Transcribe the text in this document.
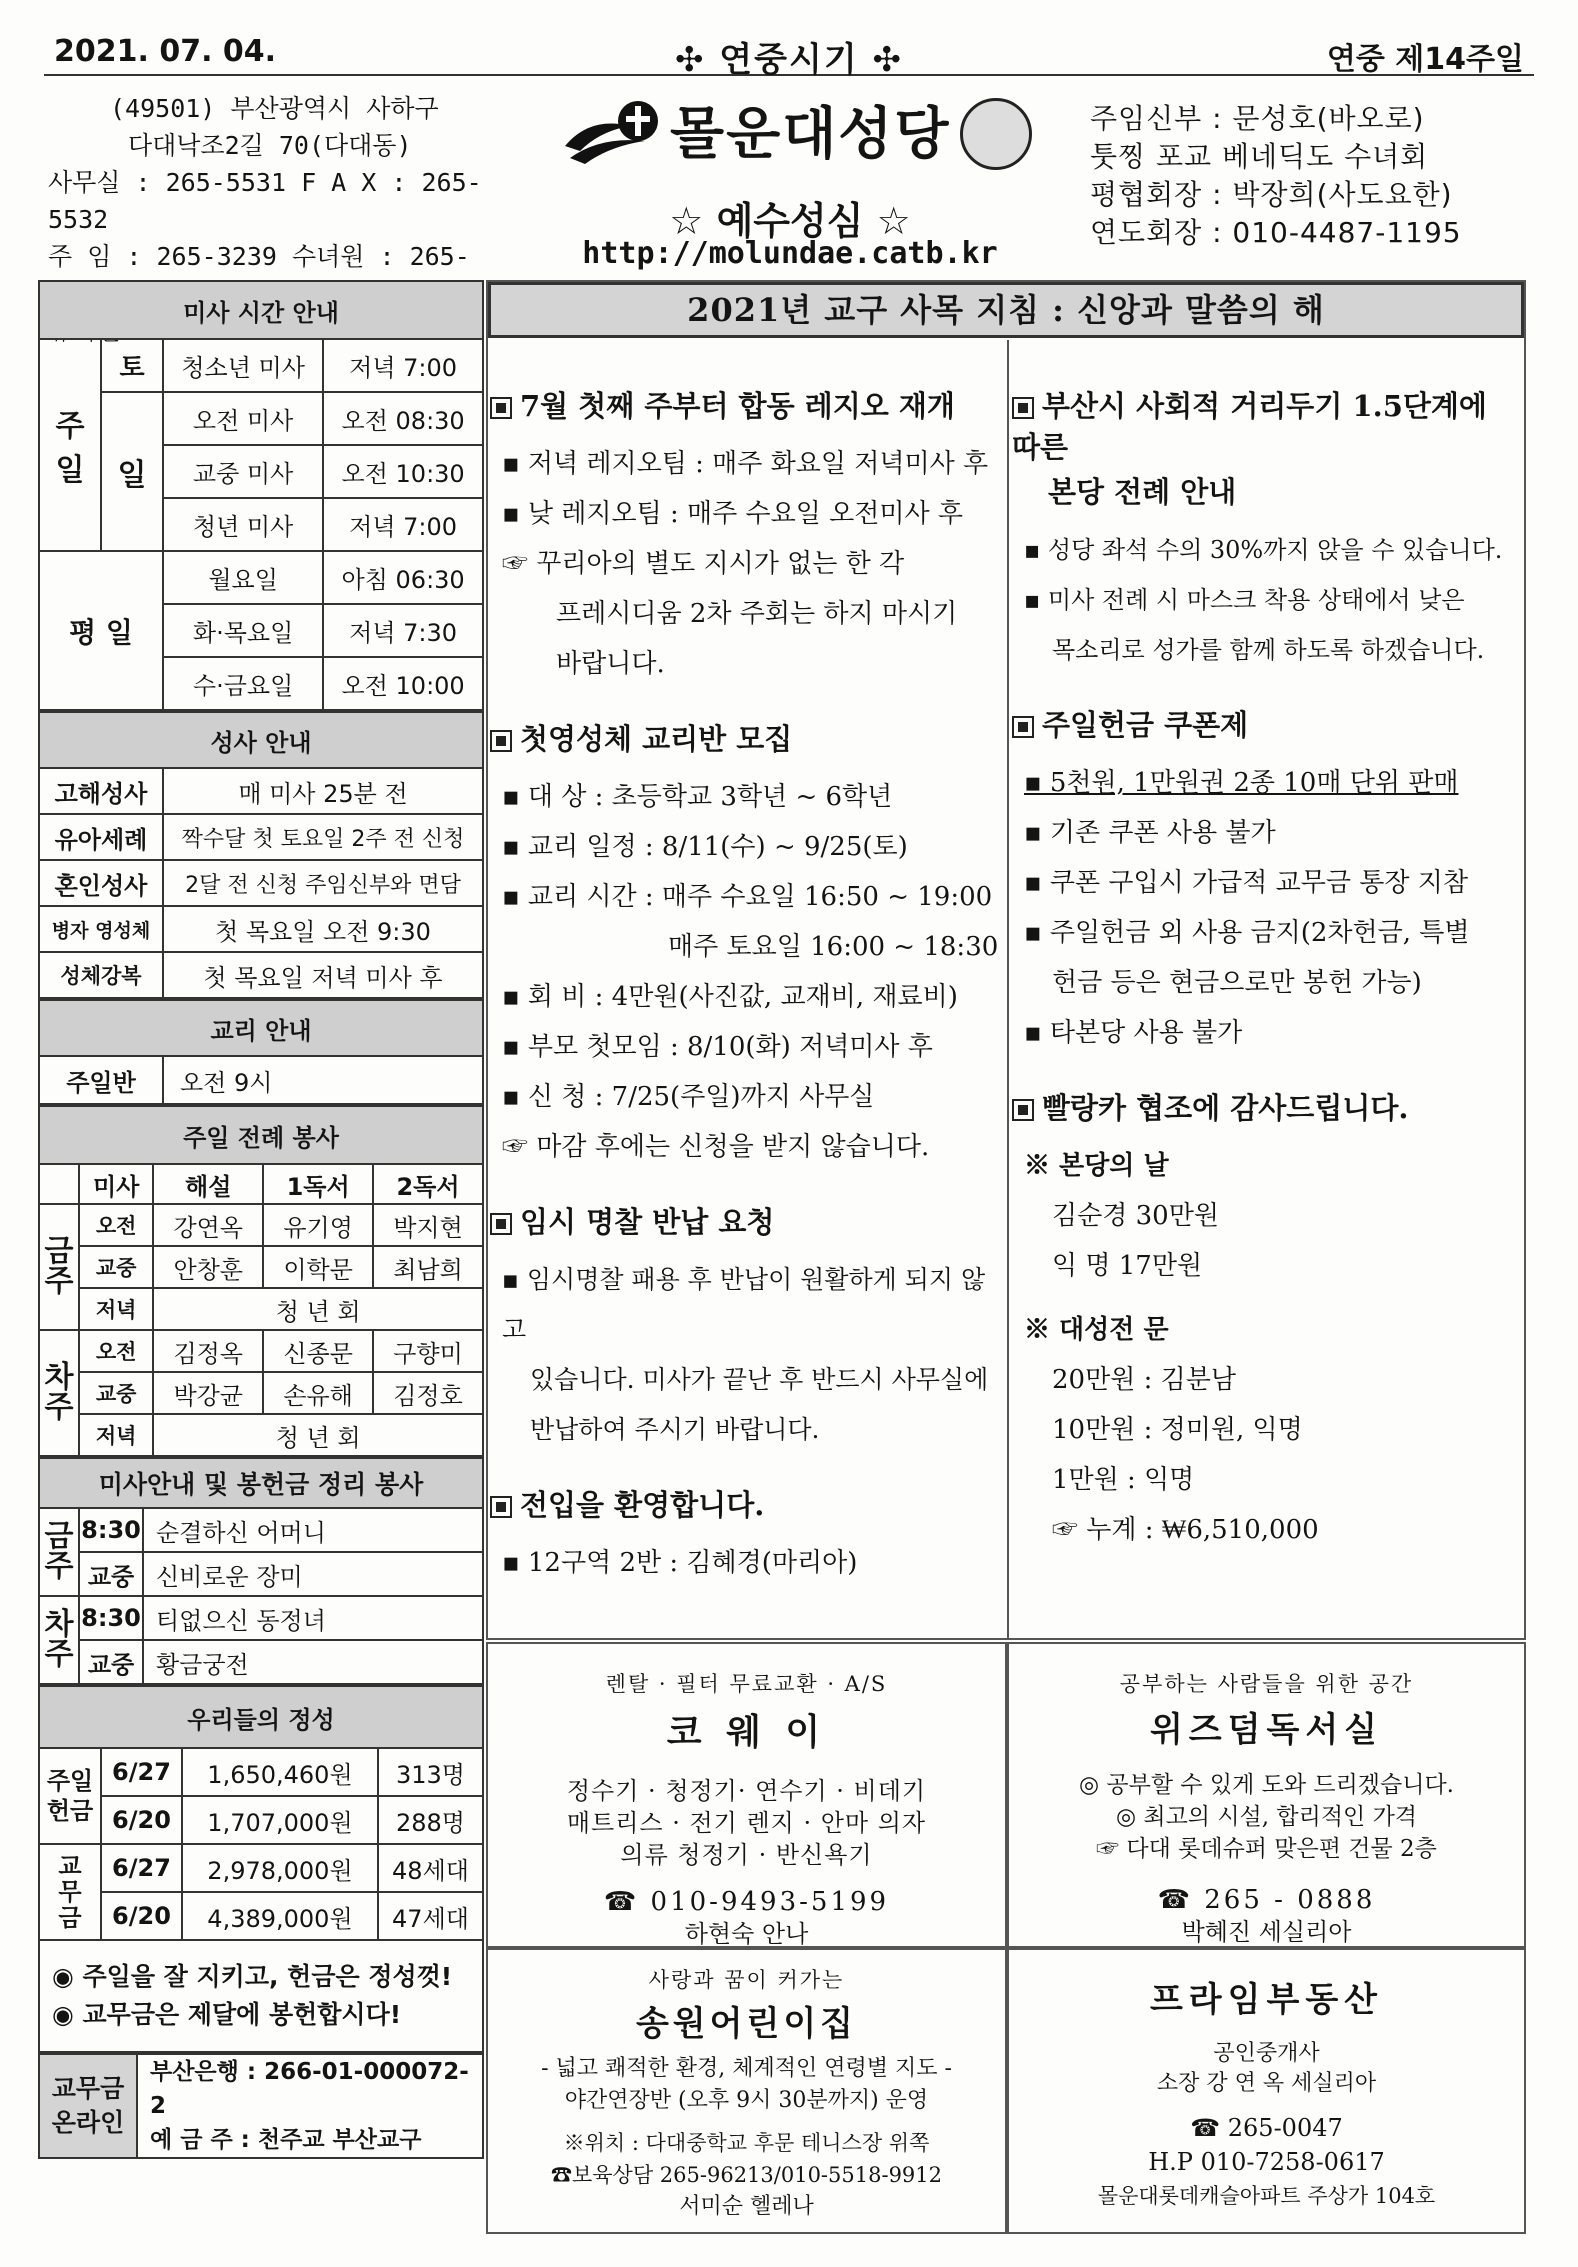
2021. 07. 04.	✣ 연중시기 ✣	연중 제14주일
(49501) 부산광역시 사하구
다대낙조2길 70(다대동)
사무실 : 265-5531 F A X : 265-5532
주 임 : 265-3239 수녀원 : 265-
몰운대성당
☆ 예수성심 ☆
http://molundae.catb.kr
주임신부 : 문성호(바오로)
툿찡 포교 베네딕도 수녀회
평협회장 : 박장희(사도요한)
연도회장 : 010-4487-1195
미사 시간 안내			
주
일	토	청소년 미사	저녁 7:00
	일	오전 미사	오전 08:30
		교중 미사	오전 10:30
		청년 미사	저녁 7:00
평 일		월요일	아침 06:30
		화·목요일	저녁 7:30
		수·금요일	오전 10:00
성사 안내	
고해성사	매 미사 25분 전
유아세례	짝수달 첫 토요일 2주 전 신청
혼인성사	2달 전 신청 주임신부와 면담
병자 영성체	첫 목요일 오전 9:30
성체강복	첫 목요일 저녁 미사 후
교리 안내
주일반	오전 9시
주일 전례 봉사				
	미사	해설	1독서	2독서
금
주	오전	강연옥	유기영	박지현
	교중	안창훈	이학문	최남희
	저녁	청 년 회		
차
주	오전	김정옥	신종문	구향미
	교중	박강균	손유해	김정호
	저녁	청 년 회		
미사안내 및 봉헌금 정리 봉사		
금
주	8:30	순결하신 어머니
	교중	신비로운 장미
차
주	8:30	티없으신 동정녀
	교중	황금궁전
우리들의 정성			
주일
헌금	6/27	1,650,460원	313명
	6/20	1,707,000원	288명
교
무
금	6/27	2,978,000원	48세대
	6/20	4,389,000원	47세대

◉ 주일을 잘 지키고, 헌금은 정성껏!
◉ 교무금은 제달에 봉헌합시다!			
교무금
온라인	
부산은행 : 266-01-000072-2
예 금 주 : 천주교 부산교구
2021년 교구 사목 지침 : 신앙과 말씀의 해
7월 첫째 주부터 합동 레지오 재개
▪ 저녁 레지오팀 : 매주 화요일 저녁미사 후
▪ 낮 레지오팀 : 매주 수요일 오전미사 후
☞ 꾸리아의 별도 지시가 없는 한 각
프레시디움 2차 주회는 하지 마시기
바랍니다.
첫영성체 교리반 모집
▪ 대 상 : 초등학교 3학년 ~ 6학년
▪ 교리 일정 : 8/11(수) ~ 9/25(토)
▪ 교리 시간 : 매주 수요일 16:50 ~ 19:00
매주 토요일 16:00 ~ 18:30
▪ 회 비 : 4만원(사진값, 교재비, 재료비)
▪ 부모 첫모임 : 8/10(화) 저녁미사 후
▪ 신 청 : 7/25(주일)까지 사무실
☞ 마감 후에는 신청을 받지 않습니다.
임시 명찰 반납 요청
▪ 임시명찰 패용 후 반납이 원활하게 되지 않고
있습니다. 미사가 끝난 후 반드시 사무실에
반납하여 주시기 바랍니다.
전입을 환영합니다.
▪ 12구역 2반 : 김혜경(마리아)
부산시 사회적 거리두기 1.5단계에 따른
본당 전례 안내
▪ 성당 좌석 수의 30%까지 앉을 수 있습니다.
▪ 미사 전례 시 마스크 착용 상태에서 낮은
목소리로 성가를 함께 하도록 하겠습니다.
주일헌금 쿠폰제
▪ 5천원, 1만원권 2종 10매 단위 판매
▪ 기존 쿠폰 사용 불가
▪ 쿠폰 구입시 가급적 교무금 통장 지참
▪ 주일헌금 외 사용 금지(2차헌금, 특별
헌금 등은 현금으로만 봉헌 가능)
▪ 타본당 사용 불가
빨랑카 협조에 감사드립니다.
※ 본당의 날
김순경 30만원
익 명 17만원
※ 대성전 문
20만원 : 김분남
10만원 : 정미원, 익명
1만원 : 익명
☞ 누계 : ₩6,510,000
렌탈 · 필터 무료교환 · A/S
코 웨 이
정수기 · 청정기· 연수기 · 비데기
매트리스 · 전기 렌지 · 안마 의자
의류 청정기 · 반신욕기
☎ 010-9493-5199
하현숙 안나
공부하는 사람들을 위한 공간
위즈덤독서실
◎ 공부할 수 있게 도와 드리겠습니다.
◎ 최고의 시설, 합리적인 가격
☞ 다대 롯데슈퍼 맞은편 건물 2층
☎ 265 - 0888
박혜진 세실리아
사랑과 꿈이 커가는
송원어린이집
- 넓고 쾌적한 환경, 체계적인 연령별 지도 -
야간연장반 (오후 9시 30분까지) 운영
※위치 : 다대중학교 후문 테니스장 위쪽
☎보육상담 265-96213/010-5518-9912
서미순 헬레나
프라임부동산
공인중개사
소장 강 연 옥 세실리아
☎ 265-0047
H.P 010-7258-0617
몰운대롯데캐슬아파트 주상가 104호
